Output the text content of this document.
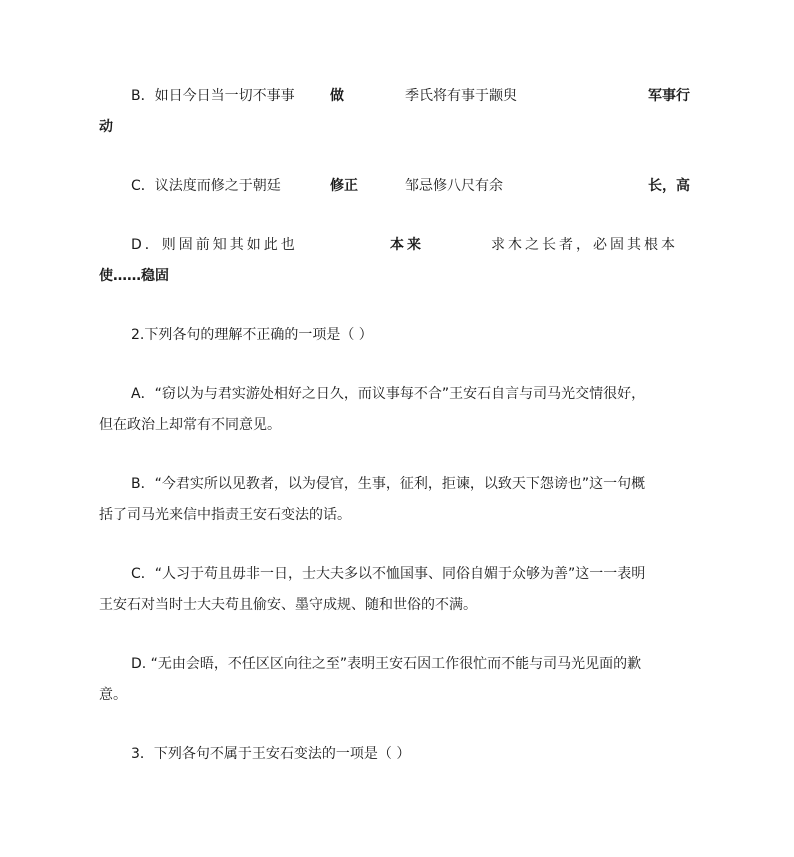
B．如日今日当一切不事事	做	季氏将有事于颛臾	军事行
动
C．议法度而修之于朝廷	修正	邹忌修八尺有余	长，高
D．则固前知其如此也	本来	求木之长者，必固其根本
使……稳固
2.下列各句的理解不正确的一项是（ ）
A．“窃以为与君实游处相好之日久，而议事每不合”王安石自言与司马光交情很好，
但在政治上却常有不同意见。
B．“今君实所以见教者，以为侵官，生事，征利，拒谏，以致天下怨谤也”这一句概
括了司马光来信中指责王安石变法的话。
C．“人习于苟且毋非一日，士大夫多以不恤国事、同俗自媚于众够为善”这一一表明
王安石对当时士大夫苟且偷安、墨守成规、随和世俗的不满。
D. “无由会晤，不任区区向往之至”表明王安石因工作很忙而不能与司马光见面的歉
意。
3．下列各句不属于王安石变法的一项是（ ）
